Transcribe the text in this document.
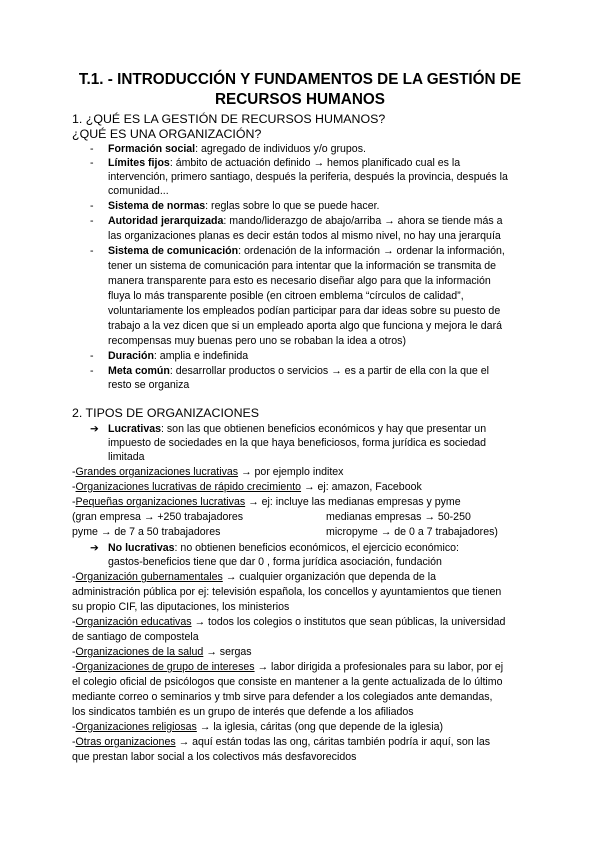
T.1. - INTRODUCCIÓN Y FUNDAMENTOS DE LA GESTIÓN DE
RECURSOS HUMANOS
1. ¿QUÉ ES LA GESTIÓN DE RECURSOS HUMANOS?
¿QUÉ ES UNA ORGANIZACIÓN?
- Formación social: agregado de individuos y/o grupos.
- Límites fijos: ámbito de actuación definido → hemos planificado cual es la
intervención, primero santiago, después la periferia, después la provincia, después la
comunidad...
- Sistema de normas: reglas sobre lo que se puede hacer.
- Autoridad jerarquizada: mando/liderazgo de abajo/arriba → ahora se tiende más a
las organizaciones planas es decir están todos al mismo nivel, no hay una jerarquía
- Sistema de comunicación: ordenación de la información → ordenar la información,
tener un sistema de comunicación para intentar que la información se transmita de
manera transparente para esto es necesario diseñar algo para que la información
fluya lo más transparente posible (en citroen emblema “círculos de calidad”,
voluntariamente los empleados podían participar para dar ideas sobre su puesto de
trabajo a la vez dicen que si un empleado aporta algo que funciona y mejora le dará
recompensas muy buenas pero uno se robaban la idea a otros)
- Duración: amplia e indefinida
- Meta común: desarrollar productos o servicios → es a partir de ella con la que el
resto se organiza
2. TIPOS DE ORGANIZACIONES
➔ Lucrativas: son las que obtienen beneficios económicos y hay que presentar un
impuesto de sociedades en la que haya beneficiosos, forma jurídica es sociedad
limitada
-Grandes organizaciones lucrativas → por ejemplo inditex
-Organizaciones lucrativas de rápido crecimiento → ej: amazon, Facebook
-Pequeñas organizaciones lucrativas → ej: incluye las medianas empresas y pyme
(gran empresa → +250 trabajadores	medianas empresas → 50-250
pyme → de 7 a 50 trabajadores	micropyme → de 0 a 7 trabajadores)
➔ No lucrativas: no obtienen beneficios económicos, el ejercicio económico:
gastos-beneficios tiene que dar 0 , forma jurídica asociación, fundación
-Organización gubernamentales → cualquier organización que dependa de la
administración pública por ej: televisión española, los concellos y ayuntamientos que tienen
su propio CIF, las diputaciones, los ministerios
-Organización educativas → todos los colegios o institutos que sean públicas, la universidad
de santiago de compostela
-Organizaciones de la salud → sergas
-Organizaciones de grupo de intereses → labor dirigida a profesionales para su labor, por ej
el colegio oficial de psicólogos que consiste en mantener a la gente actualizada de lo último
mediante correo o seminarios y tmb sirve para defender a los colegiados ante demandas,
los sindicatos también es un grupo de interés que defende a los afiliados
-Organizaciones religiosas → la iglesia, cáritas (ong que depende de la iglesia)
-Otras organizaciones → aquí están todas las ong, cáritas también podría ir aquí, son las
que prestan labor social a los colectivos más desfavorecidos
